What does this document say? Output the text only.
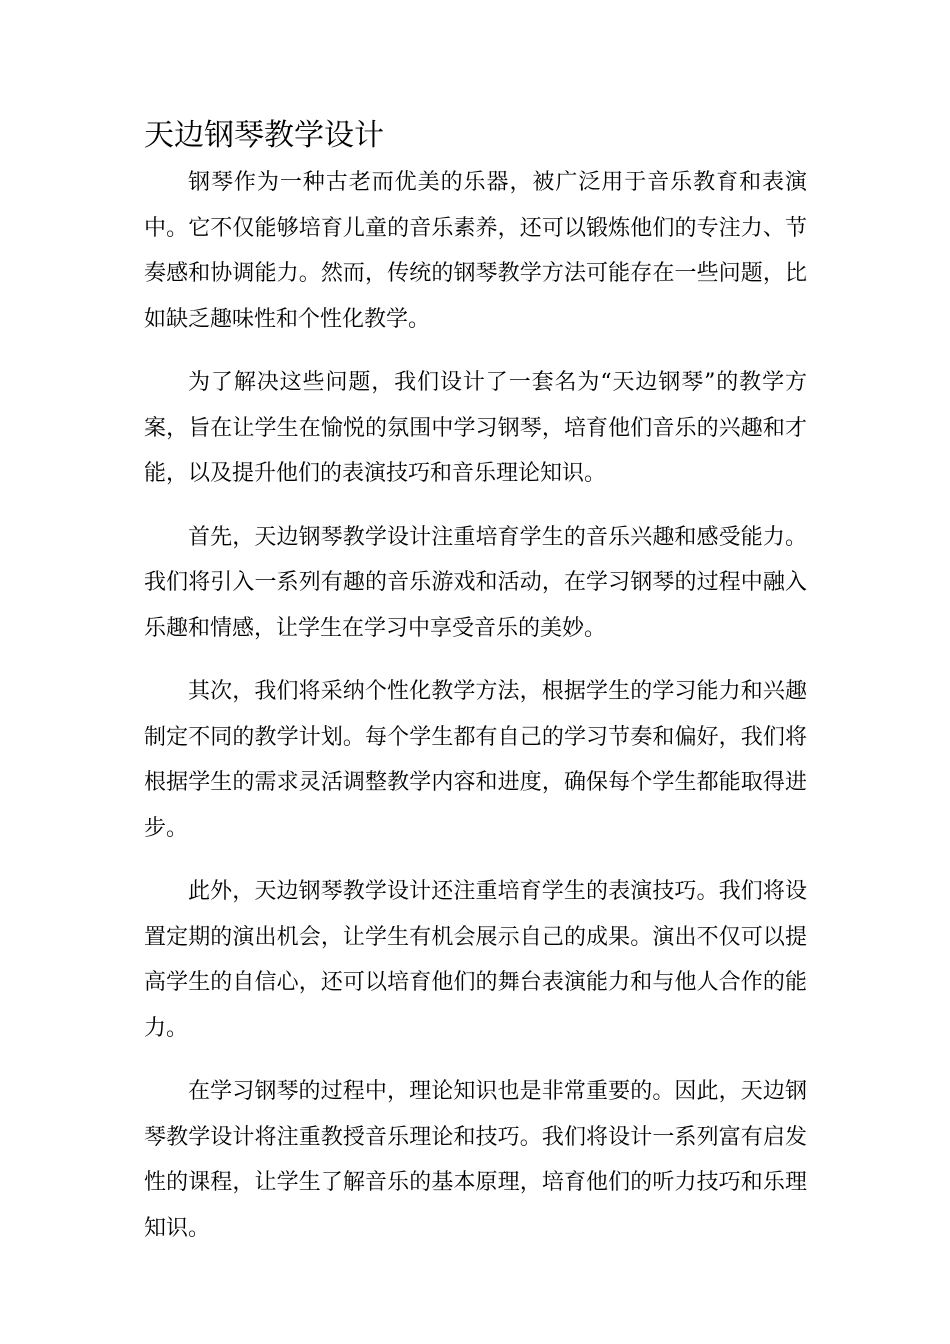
天边钢琴教学设计

钢琴作为一种古老而优美的乐器，被广泛用于音乐教育和表演中。它不仅能够培育儿童的音乐素养，还可以锻炼他们的专注力、节奏感和协调能力。然而，传统的钢琴教学方法可能存在一些问题，比如缺乏趣味性和个性化教学。

为了解决这些问题，我们设计了一套名为“天边钢琴”的教学方案，旨在让学生在愉悦的氛围中学习钢琴，培育他们音乐的兴趣和才能，以及提升他们的表演技巧和音乐理论知识。

首先，天边钢琴教学设计注重培育学生的音乐兴趣和感受能力。我们将引入一系列有趣的音乐游戏和活动，在学习钢琴的过程中融入乐趣和情感，让学生在学习中享受音乐的美妙。

其次，我们将采纳个性化教学方法，根据学生的学习能力和兴趣制定不同的教学计划。每个学生都有自己的学习节奏和偏好，我们将根据学生的需求灵活调整教学内容和进度，确保每个学生都能取得进步。

此外，天边钢琴教学设计还注重培育学生的表演技巧。我们将设置定期的演出机会，让学生有机会展示自己的成果。演出不仅可以提高学生的自信心，还可以培育他们的舞台表演能力和与他人合作的能力。

在学习钢琴的过程中，理论知识也是非常重要的。因此，天边钢琴教学设计将注重教授音乐理论和技巧。我们将设计一系列富有启发性的课程，让学生了解音乐的基本原理，培育他们的听力技巧和乐理知识。
